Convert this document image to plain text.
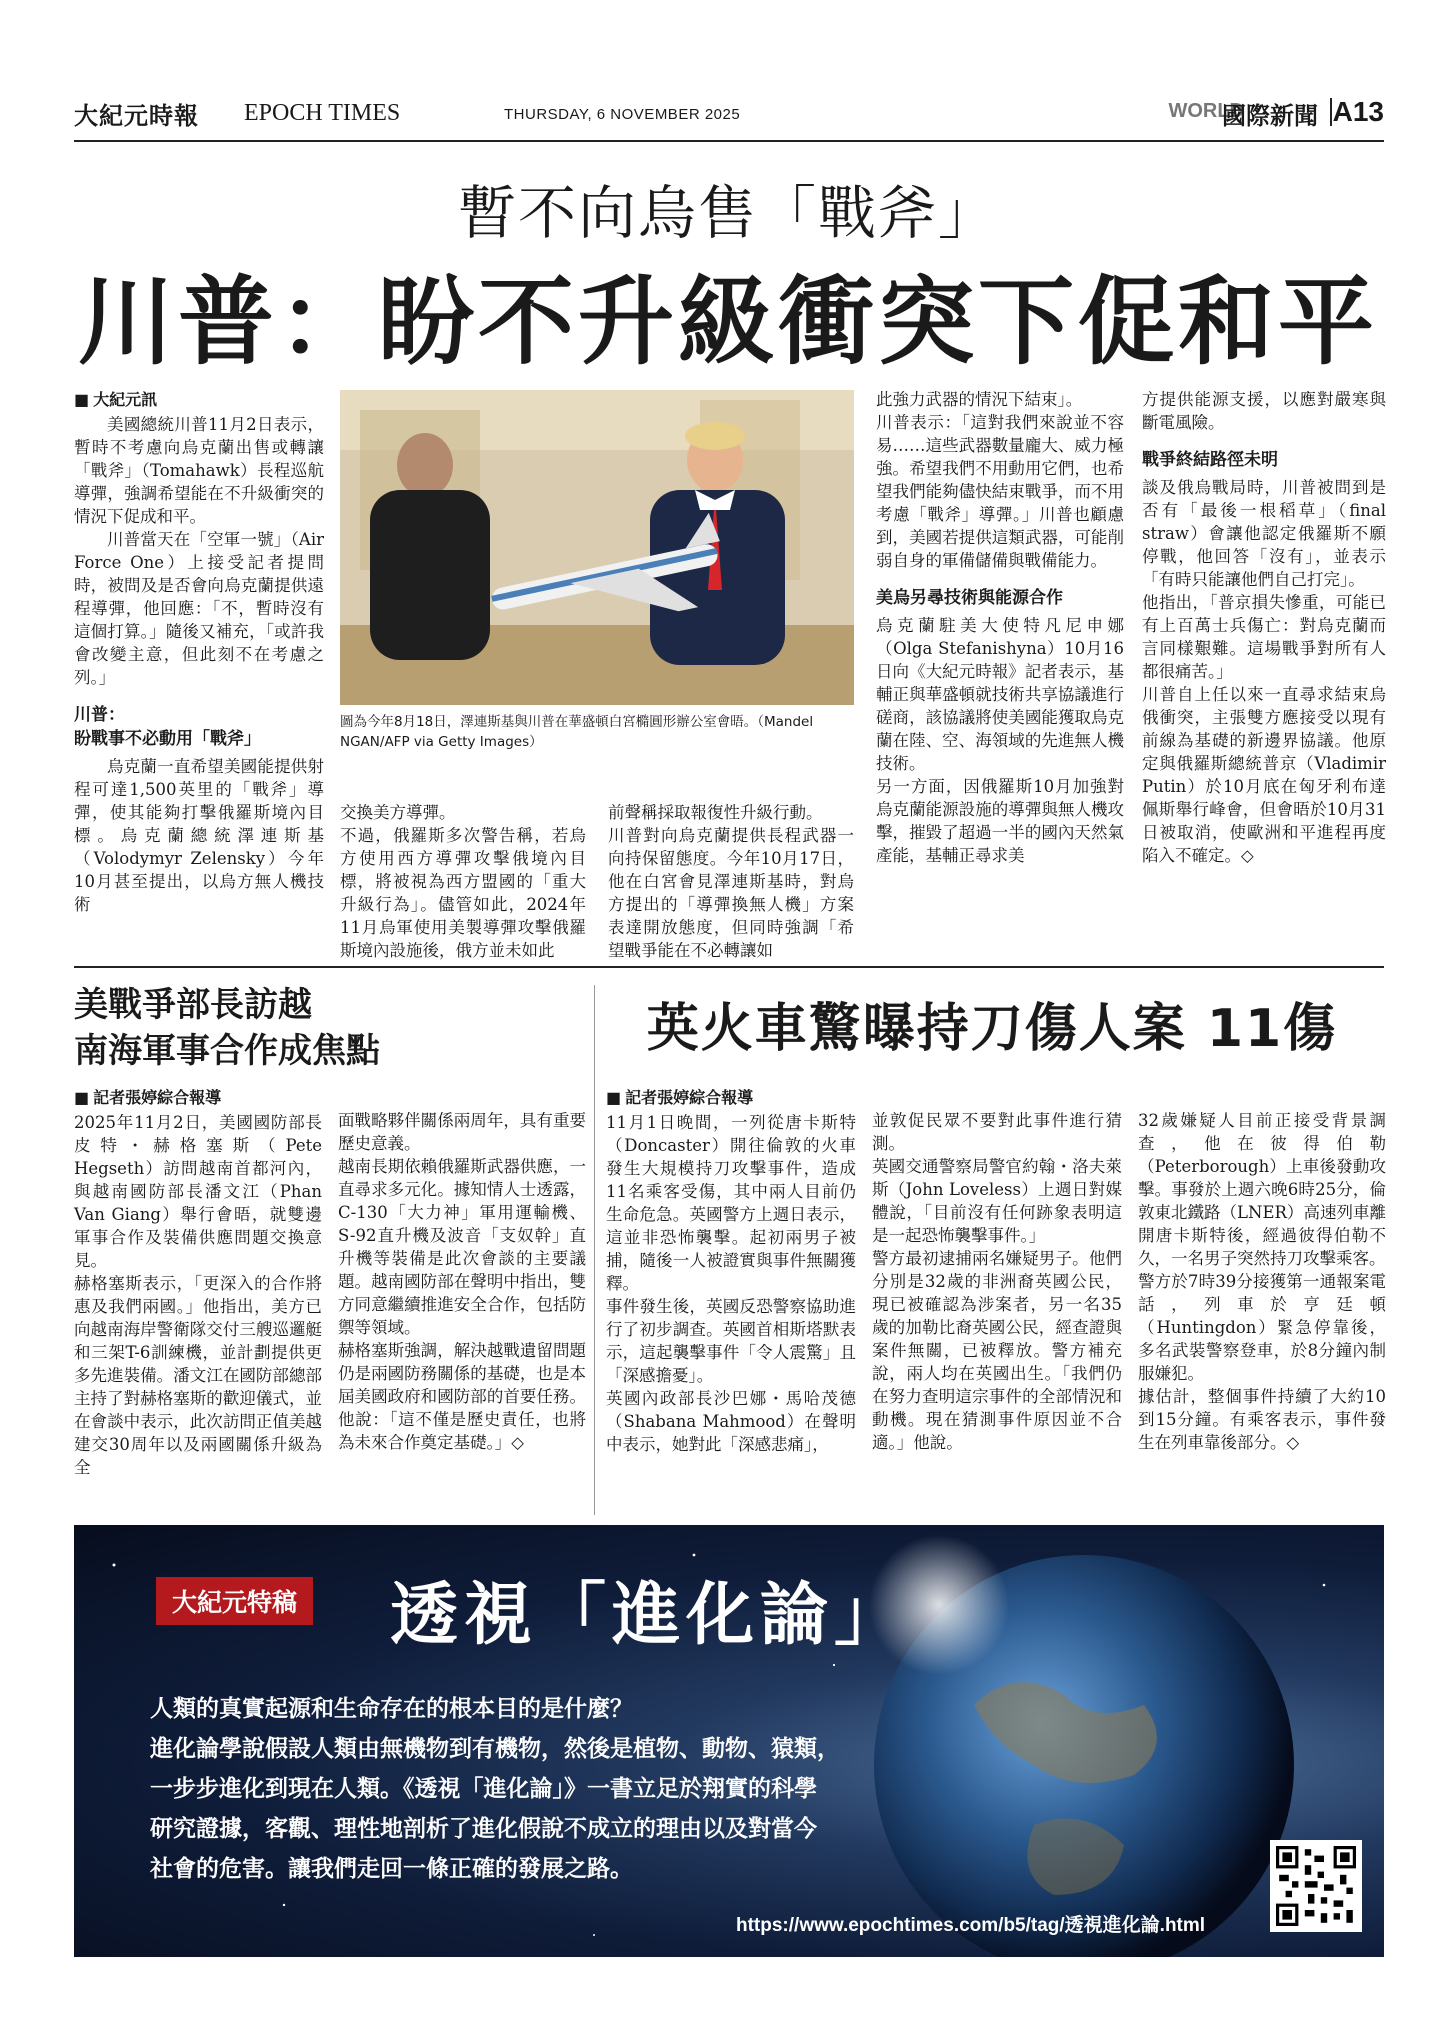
大紀元時報 EPOCH TIMES	THURSDAY, 6 NOVEMBER 2025	WORLD
國際新聞 A13
暫不向烏售「戰斧」
川普：盼不升級衝突下促和平

■ 大紀元訊

美國總統川普11月2日表示，暫時不考慮向烏克蘭出售或轉讓「戰斧」（Tomahawk）長程巡航導彈，強調希望能在不升級衝突的情況下促成和平。

川普當天在「空軍一號」（Air Force One）上接受記者提問時，被問及是否會向烏克蘭提供遠程導彈，他回應：「不，暫時沒有這個打算。」隨後又補充，「或許我會改變主意，但此刻不在考慮之列。」

川普：
盼戰事不必動用「戰斧」

烏克蘭一直希望美國能提供射程可達1,500英里的「戰斧」導彈，使其能夠打擊俄羅斯境內目標。烏克蘭總統澤連斯基（Volodymyr Zelensky）今年10月甚至提出，以烏方無人機技術

圖為今年8月18日，澤連斯基與川普在華盛頓白宮橢圓形辦公室會晤。（Mandel NGAN/AFP via Getty Images）

交換美方導彈。
不過，俄羅斯多次警告稱，若烏方使用西方導彈攻擊俄境內目標，將被視為西方盟國的「重大升級行為」。儘管如此，2024年11月烏軍使用美製導彈攻擊俄羅斯境內設施後，俄方並未如此

前聲稱採取報復性升級行動。
川普對向烏克蘭提供長程武器一向持保留態度。今年10月17日，他在白宮會見澤連斯基時，對烏方提出的「導彈換無人機」方案表達開放態度，但同時強調「希望戰爭能在不必轉讓如

此強力武器的情況下結束」。
川普表示：「這對我們來說並不容易……這些武器數量龐大、威力極強。希望我們不用動用它們，也希望我們能夠儘快結束戰爭，而不用考慮「戰斧」導彈。」川普也顧慮到，美國若提供這類武器，可能削弱自身的軍備儲備與戰備能力。

美烏另尋技術與能源合作

烏克蘭駐美大使特凡尼申娜（Olga Stefanishyna）10月16日向《大紀元時報》記者表示，基輔正與華盛頓就技術共享協議進行磋商，該協議將使美國能獲取烏克蘭在陸、空、海領域的先進無人機技術。
另一方面，因俄羅斯10月加強對烏克蘭能源設施的導彈與無人機攻擊，摧毀了超過一半的國內天然氣產能，基輔正尋求美
方提供能源支援，以應對嚴寒與斷電風險。

戰爭終結路徑未明

談及俄烏戰局時，川普被問到是否有「最後一根稻草」（final straw）會讓他認定俄羅斯不願停戰，他回答「沒有」，並表示「有時只能讓他們自己打完」。
他指出，「普京損失慘重，可能已有上百萬士兵傷亡：對烏克蘭而言同樣艱難。這場戰爭對所有人都很痛苦。」
川普自上任以來一直尋求結束烏俄衝突，主張雙方應接受以現有前線為基礎的新邊界協議。他原定與俄羅斯總統普京（Vladimir Putin）於10月底在匈牙利布達佩斯舉行峰會，但會晤於10月31日被取消，使歐洲和平進程再度陷入不確定。◇
美戰爭部長訪越
南海軍事合作成焦點

■ 記者張婷綜合報導

2025年11月2日，美國國防部長皮特・赫格塞斯（Pete Hegseth）訪問越南首都河內，與越南國防部長潘文江（Phan Van Giang）舉行會晤，就雙邊軍事合作及裝備供應問題交換意見。
赫格塞斯表示，「更深入的合作將惠及我們兩國。」他指出，美方已向越南海岸警衛隊交付三艘巡邏艇和三架T-6訓練機，並計劃提供更多先進裝備。潘文江在國防部總部主持了對赫格塞斯的歡迎儀式，並在會談中表示，此次訪問正值美越建交30周年以及兩國關係升級為全

面戰略夥伴關係兩周年，具有重要歷史意義。
越南長期依賴俄羅斯武器供應，一直尋求多元化。據知情人士透露，C-130「大力神」軍用運輸機、S-92直升機及波音「支奴幹」直升機等裝備是此次會談的主要議題。越南國防部在聲明中指出，雙方同意繼續推進安全合作，包括防禦等領域。
赫格塞斯強調，解決越戰遺留問題仍是兩國防務關係的基礎，也是本屆美國政府和國防部的首要任務。他說：「這不僅是歷史責任，也將為未來合作奠定基礎。」◇

英火車驚曝持刀傷人案 11傷

■ 記者張婷綜合報導

11月1日晚間，一列從唐卡斯特（Doncaster）開往倫敦的火車發生大規模持刀攻擊事件，造成11名乘客受傷，其中兩人目前仍生命危急。英國警方上週日表示，這並非恐怖襲擊。起初兩男子被捕，隨後一人被證實與事件無關獲釋。
事件發生後，英國反恐警察協助進行了初步調查。英國首相斯塔默表示，這起襲擊事件「令人震驚」且「深感擔憂」。
英國內政部長沙巴娜・馬哈茂德（Shabana Mahmood）在聲明中表示，她對此「深感悲痛」，

並敦促民眾不要對此事件進行猜測。
英國交通警察局警官約翰・洛夫萊斯（John Loveless）上週日對媒體說，「目前沒有任何跡象表明這是一起恐怖襲擊事件。」
警方最初逮捕兩名嫌疑男子。他們分別是32歲的非洲裔英國公民，現已被確認為涉案者，另一名35歲的加勒比裔英國公民，經查證與案件無關，已被釋放。警方補充說，兩人均在英國出生。「我們仍在努力查明這宗事件的全部情況和動機。現在猜測事件原因並不合適。」他說。

32歲嫌疑人目前正接受背景調查，他在彼得伯勒（Peterborough）上車後發動攻擊。事發於上週六晚6時25分，倫敦東北鐵路（LNER）高速列車離開唐卡斯特後，經過彼得伯勒不久，一名男子突然持刀攻擊乘客。
警方於7時39分接獲第一通報案電話，列車於亨廷頓（Huntingdon）緊急停靠後，多名武裝警察登車，於8分鐘內制服嫌犯。
據估計，整個事件持續了大約10到15分鐘。有乘客表示，事件發生在列車靠後部分。◇

大紀元特稿 透視「進化論」
人類的真實起源和生命存在的根本目的是什麼？
進化論學說假設人類由無機物到有機物，然後是植物、動物、猿類，
一步步進化到現在人類。《透視「進化論」》一書立足於翔實的科學
研究證據，客觀、理性地剖析了進化假說不成立的理由以及對當今
社會的危害。讓我們走回一條正確的發展之路。
https://www.epochtimes.com/b5/tag/透視進化論.html
